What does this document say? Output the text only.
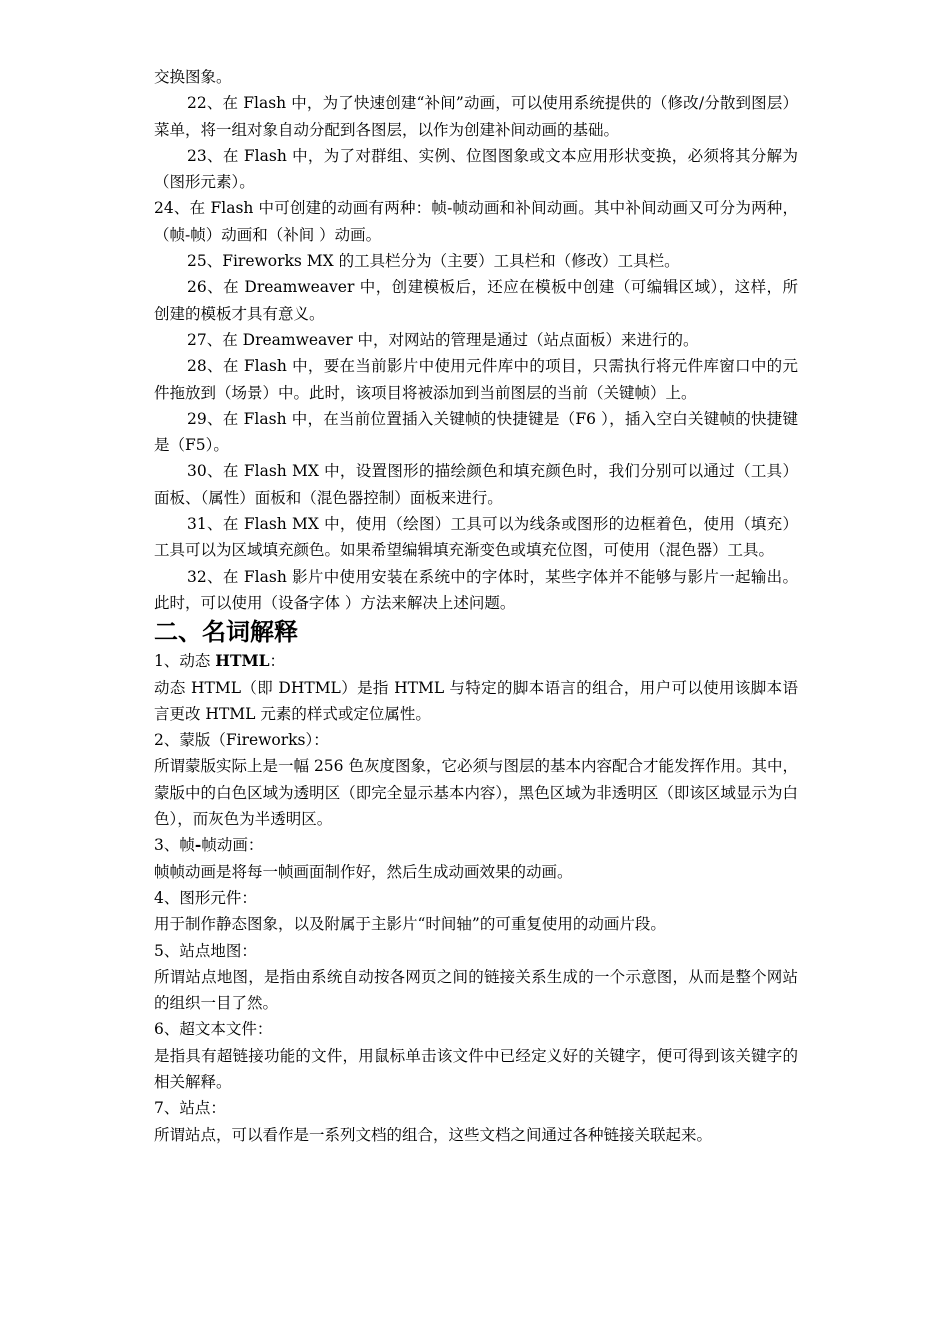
交换图象。

22、在 Flash 中，为了快速创建“补间”动画，可以使用系统提供的（修改/分散到图层）菜单，将一组对象自动分配到各图层，以作为创建补间动画的基础。

23、在 Flash 中，为了对群组、实例、位图图象或文本应用形状变换，必须将其分解为（图形元素）。

24、在 Flash 中可创建的动画有两种：帧-帧动画和补间动画。其中补间动画又可分为两种，（帧-帧）动画和（补间 ）动画。

25、Fireworks MX 的工具栏分为（主要）工具栏和（修改）工具栏。

26、在 Dreamweaver 中，创建模板后，还应在模板中创建（可编辑区域），这样，所创建的模板才具有意义。

27、在 Dreamweaver 中，对网站的管理是通过（站点面板）来进行的。

28、在 Flash 中，要在当前影片中使用元件库中的项目，只需执行将元件库窗口中的元件拖放到（场景）中。此时，该项目将被添加到当前图层的当前（关键帧）上。

29、在 Flash 中，在当前位置插入关键帧的快捷键是（F6 ），插入空白关键帧的快捷键是（F5）。

30、在 Flash MX 中，设置图形的描绘颜色和填充颜色时，我们分别可以通过（工具）面板、（属性）面板和（混色器控制）面板来进行。

31、在 Flash MX 中，使用（绘图）工具可以为线条或图形的边框着色，使用（填充）工具可以为区域填充颜色。如果希望编辑填充渐变色或填充位图，可使用（混色器）工具。

32、在 Flash 影片中使用安装在系统中的字体时，某些字体并不能够与影片一起输出。此时，可以使用（设备字体 ）方法来解决上述问题。

二、名词解释

1、动态 HTML：

动态 HTML（即 DHTML）是指 HTML 与特定的脚本语言的组合，用户可以使用该脚本语言更改 HTML 元素的样式或定位属性。

2、蒙版（Fireworks）：

所谓蒙版实际上是一幅 256 色灰度图象，它必须与图层的基本内容配合才能发挥作用。其中，蒙版中的白色区域为透明区（即完全显示基本内容），黑色区域为非透明区（即该区域显示为白色），而灰色为半透明区。

3、帧-帧动画：

帧帧动画是将每一帧画面制作好，然后生成动画效果的动画。

4、图形元件：

用于制作静态图象，以及附属于主影片“时间轴”的可重复使用的动画片段。

5、站点地图：

所谓站点地图，是指由系统自动按各网页之间的链接关系生成的一个示意图，从而是整个网站的组织一目了然。

6、超文本文件：

是指具有超链接功能的文件，用鼠标单击该文件中已经定义好的关键字，便可得到该关键字的相关解释。

7、站点：

所谓站点，可以看作是一系列文档的组合，这些文档之间通过各种链接关联起来。
